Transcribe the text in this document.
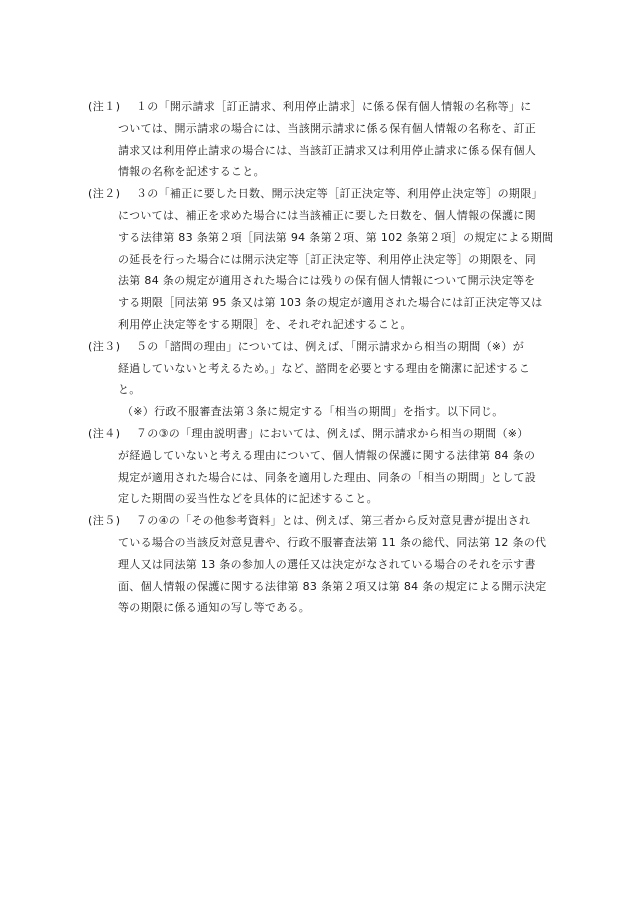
(注１)	１の「開示請求［訂正請求、利用停止請求］に係る保有個人情報の名称等」に
ついては、開示請求の場合には、当該開示請求に係る保有個人情報の名称を、訂正
請求又は利用停止請求の場合には、当該訂正請求又は利用停止請求に係る保有個人
情報の名称を記述すること。
(注２)	３の「補正に要した日数、開示決定等［訂正決定等、利用停止決定等］の期限」
については、補正を求めた場合には当該補正に要した日数を、個人情報の保護に関
する法律第 83 条第２項［同法第 94 条第２項、第 102 条第２項］の規定による期間
の延長を行った場合には開示決定等［訂正決定等、利用停止決定等］の期限を、同
法第 84 条の規定が適用された場合には残りの保有個人情報について開示決定等を
する期限［同法第 95 条又は第 103 条の規定が適用された場合には訂正決定等又は
利用停止決定等をする期限］を、それぞれ記述すること。
(注３)	５の「諮問の理由」については、例えば、「開示請求から相当の期間（※）が
経過していないと考えるため。」など、諮問を必要とする理由を簡潔に記述するこ
と。
（※）行政不服審査法第３条に規定する「相当の期間」を指す。以下同じ。
(注４)	７の③の「理由説明書」においては、例えば、開示請求から相当の期間（※）
が経過していないと考える理由について、個人情報の保護に関する法律第 84 条の
規定が適用された場合には、同条を適用した理由、同条の「相当の期間」として設
定した期間の妥当性などを具体的に記述すること。
(注５)	７の④の「その他参考資料」とは、例えば、第三者から反対意見書が提出され
ている場合の当該反対意見書や、行政不服審査法第 11 条の総代、同法第 12 条の代
理人又は同法第 13 条の参加人の選任又は決定がなされている場合のそれを示す書
面、個人情報の保護に関する法律第 83 条第２項又は第 84 条の規定による開示決定
等の期限に係る通知の写し等である。
